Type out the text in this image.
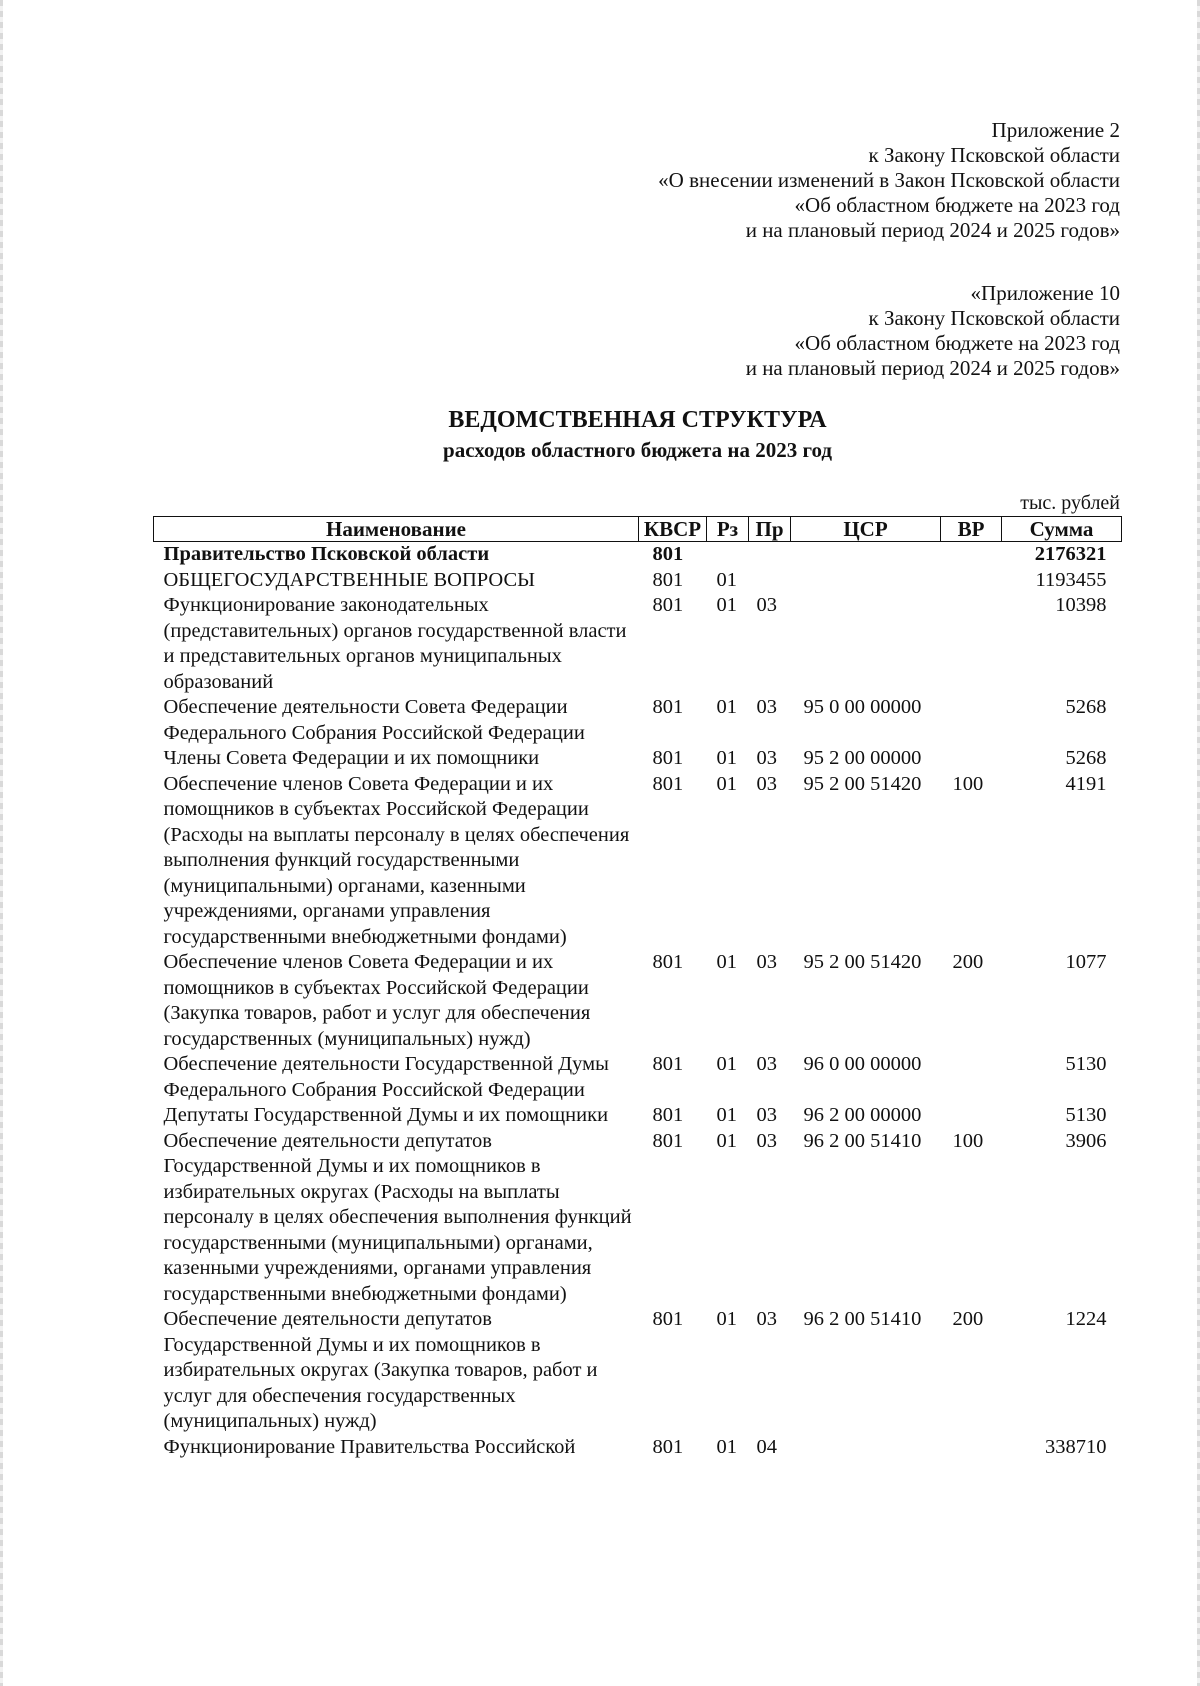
Приложение 2
к Закону Псковской области
«О внесении изменений в Закон Псковской области
«Об областном бюджете на 2023 год
и на плановый период 2024 и 2025 годов»
«Приложение 10
к Закону Псковской области
«Об областном бюджете на 2023 год
и на плановый период 2024 и 2025 годов»
ВЕДОМСТВЕННАЯ СТРУКТУРА
расходов областного бюджета на 2023 год
тыс. рублей
Наименование	КВСР	Рз	Пр	ЦСР	ВР	Сумма
Правительство Псковской области	801					2176321
ОБЩЕГОСУДАРСТВЕННЫЕ ВОПРОСЫ	801	01				1193455
Функционирование законодательных (представительных) органов государственной власти и представительных органов муниципальных образований	801	01	03			10398
Обеспечение деятельности Совета Федерации Федерального Собрания Российской Федерации	801	01	03	95 0 00 00000		5268
Члены Совета Федерации и их помощники	801	01	03	95 2 00 00000		5268
Обеспечение членов Совета Федерации и их помощников в субъектах Российской Федерации (Расходы на выплаты персоналу в целях обеспечения выполнения функций государственными (муниципальными) органами, казенными учреждениями, органами управления государственными внебюджетными фондами)	801	01	03	95 2 00 51420	100	4191
Обеспечение членов Совета Федерации и их помощников в субъектах Российской Федерации (Закупка товаров, работ и услуг для обеспечения государственных (муниципальных) нужд)	801	01	03	95 2 00 51420	200	1077
Обеспечение деятельности Государственной Думы Федерального Собрания Российской Федерации	801	01	03	96 0 00 00000		5130
Депутаты Государственной Думы и их помощники	801	01	03	96 2 00 00000		5130
Обеспечение деятельности депутатов Государственной Думы и их помощников в избирательных округах (Расходы на выплаты персоналу в целях обеспечения выполнения функций государственными (муниципальными) органами, казенными учреждениями, органами управления государственными внебюджетными фондами)	801	01	03	96 2 00 51410	100	3906
Обеспечение деятельности депутатов Государственной Думы и их помощников в избирательных округах (Закупка товаров, работ и услуг для обеспечения государственных (муниципальных) нужд)	801	01	03	96 2 00 51410	200	1224
Функционирование Правительства Российской	801	01	04			338710
